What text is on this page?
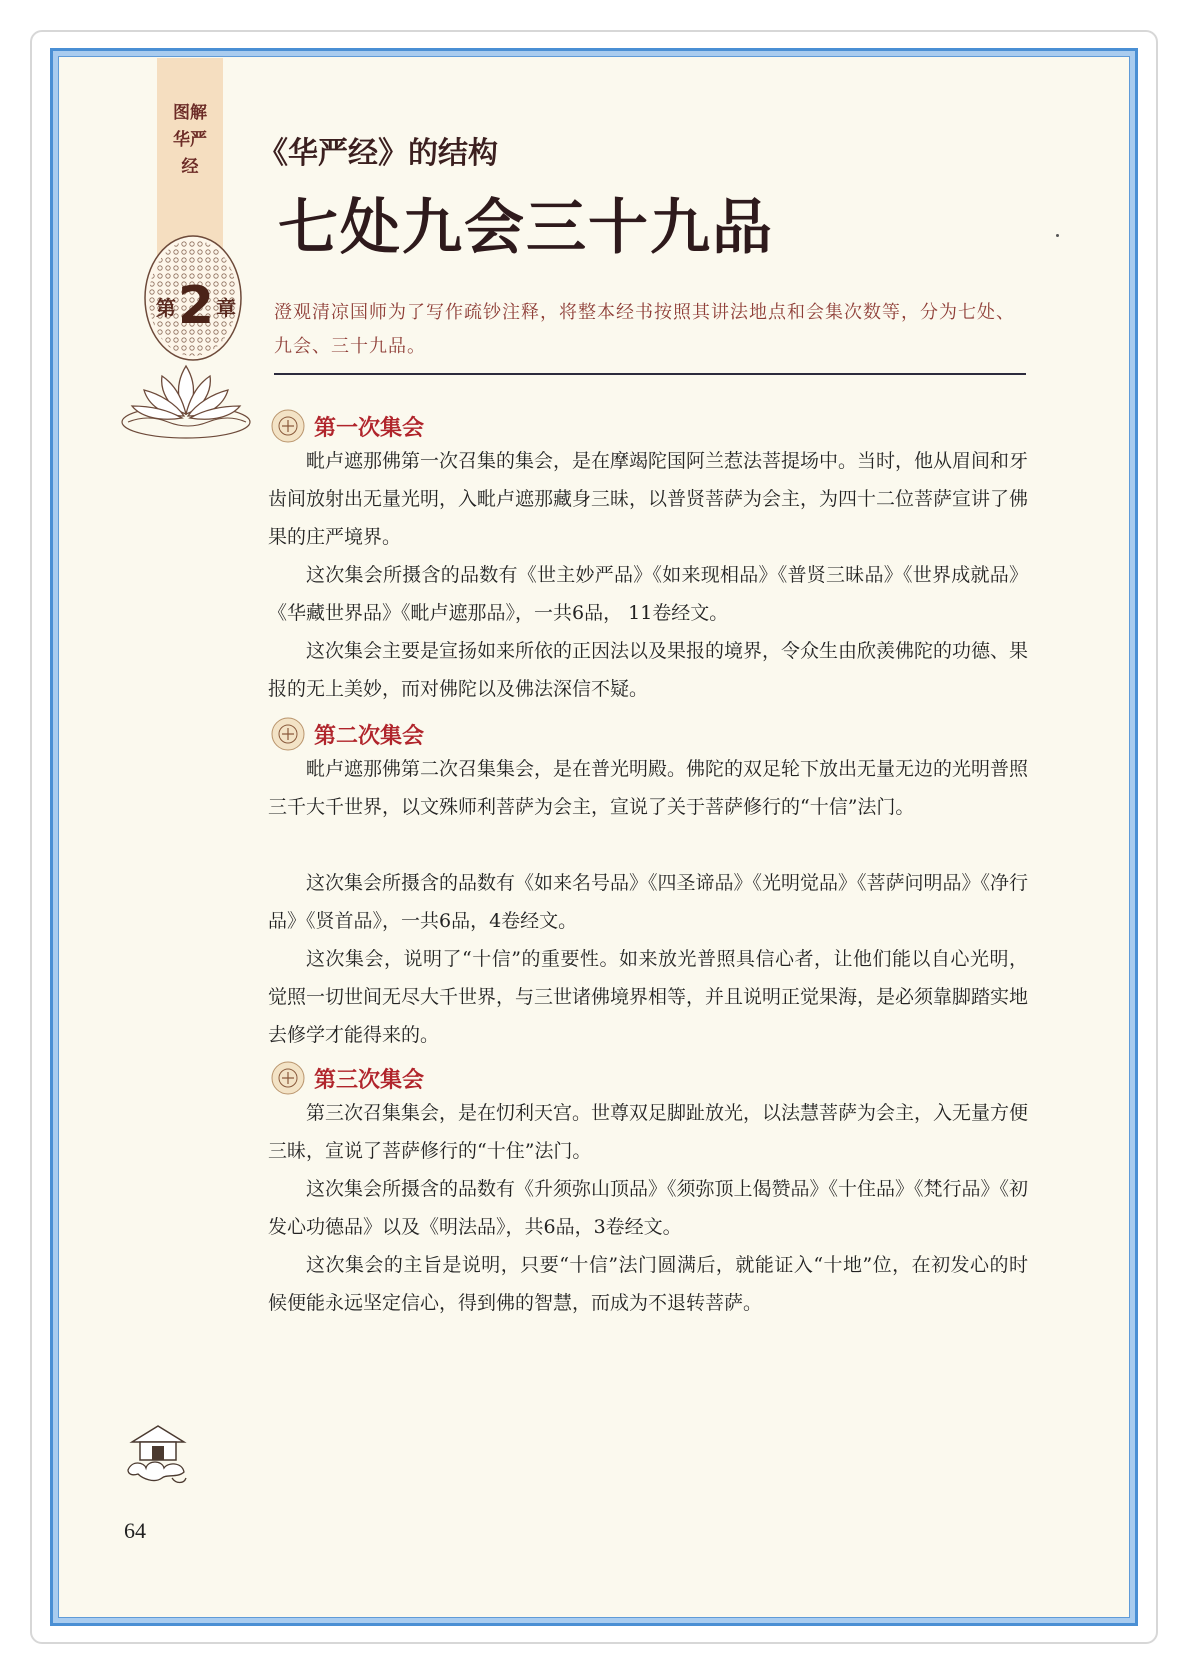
图解华严经
第 2 章
《华严经》的结构
七处九会三十九品
澄观清凉国师为了写作疏钞注释，将整本经书按照其讲法地点和会集次数等，分为七处、九会、三十九品。
第一次集会

毗卢遮那佛第一次召集的集会，是在摩竭陀国阿兰惹法菩提场中。当时，他从眉间和牙齿间放射出无量光明，入毗卢遮那藏身三昧，以普贤菩萨为会主，为四十二位菩萨宣讲了佛果的庄严境界。

这次集会所摄含的品数有《世主妙严品》《如来现相品》《普贤三昧品》《世界成就品》《华藏世界品》《毗卢遮那品》，一共6品， 11卷经文。

这次集会主要是宣扬如来所依的正因法以及果报的境界，令众生由欣羡佛陀的功德、果报的无上美妙，而对佛陀以及佛法深信不疑。

第二次集会

毗卢遮那佛第二次召集集会，是在普光明殿。佛陀的双足轮下放出无量无边的光明普照三千大千世界，以文殊师利菩萨为会主，宣说了关于菩萨修行的“十信”法门。

这次集会所摄含的品数有《如来名号品》《四圣谛品》《光明觉品》《菩萨问明品》《净行品》《贤首品》，一共6品，4卷经文。

这次集会，说明了“十信”的重要性。如来放光普照具信心者，让他们能以自心光明，觉照一切世间无尽大千世界，与三世诸佛境界相等，并且说明正觉果海，是必须靠脚踏实地去修学才能得来的。

第三次集会

第三次召集集会，是在忉利天宫。世尊双足脚趾放光，以法慧菩萨为会主，入无量方便三昧，宣说了菩萨修行的“十住”法门。

这次集会所摄含的品数有《升须弥山顶品》《须弥顶上偈赞品》《十住品》《梵行品》《初发心功德品》以及《明法品》，共6品，3卷经文。

这次集会的主旨是说明，只要“十信”法门圆满后，就能证入“十地”位，在初发心的时候便能永远坚定信心，得到佛的智慧，而成为不退转菩萨。

64
